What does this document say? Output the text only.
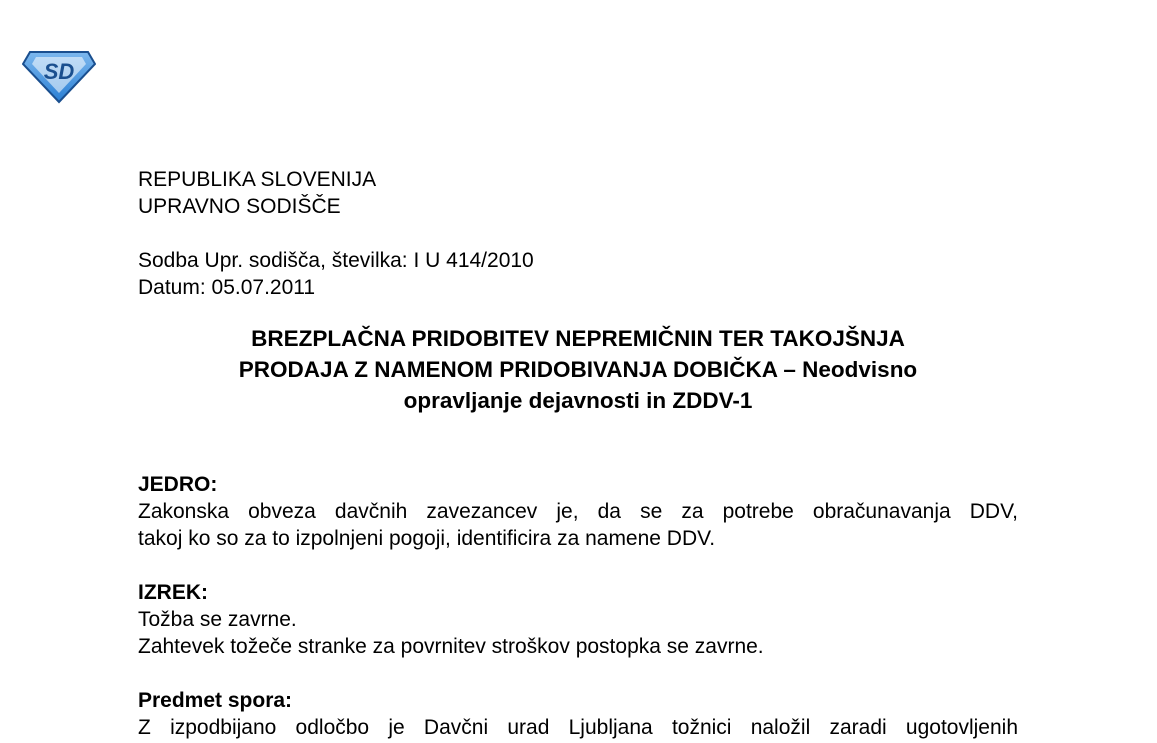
SD

REPUBLIKA SLOVENIJA

UPRAVNO SODIŠČE

Sodba Upr. sodišča, številka: I U 414/2010

Datum: 05.07.2011

BREZPLAČNA PRIDOBITEV NEPREMIČNIN TER TAKOJŠNJA

PRODAJA Z NAMENOM PRIDOBIVANJA DOBIČKA – Neodvisno

opravljanje dejavnosti in ZDDV-1

JEDRO:

Zakonska obveza davčnih zavezancev je, da se za potrebe obračunavanja DDV,

takoj ko so za to izpolnjeni pogoji, identificira za namene DDV.

IZREK:

Tožba se zavrne.

Zahtevek tožeče stranke za povrnitev stroškov postopka se zavrne.

Predmet spora:

Z izpodbijano odločbo je Davčni urad Ljubljana tožnici naložil zaradi ugotovljenih
